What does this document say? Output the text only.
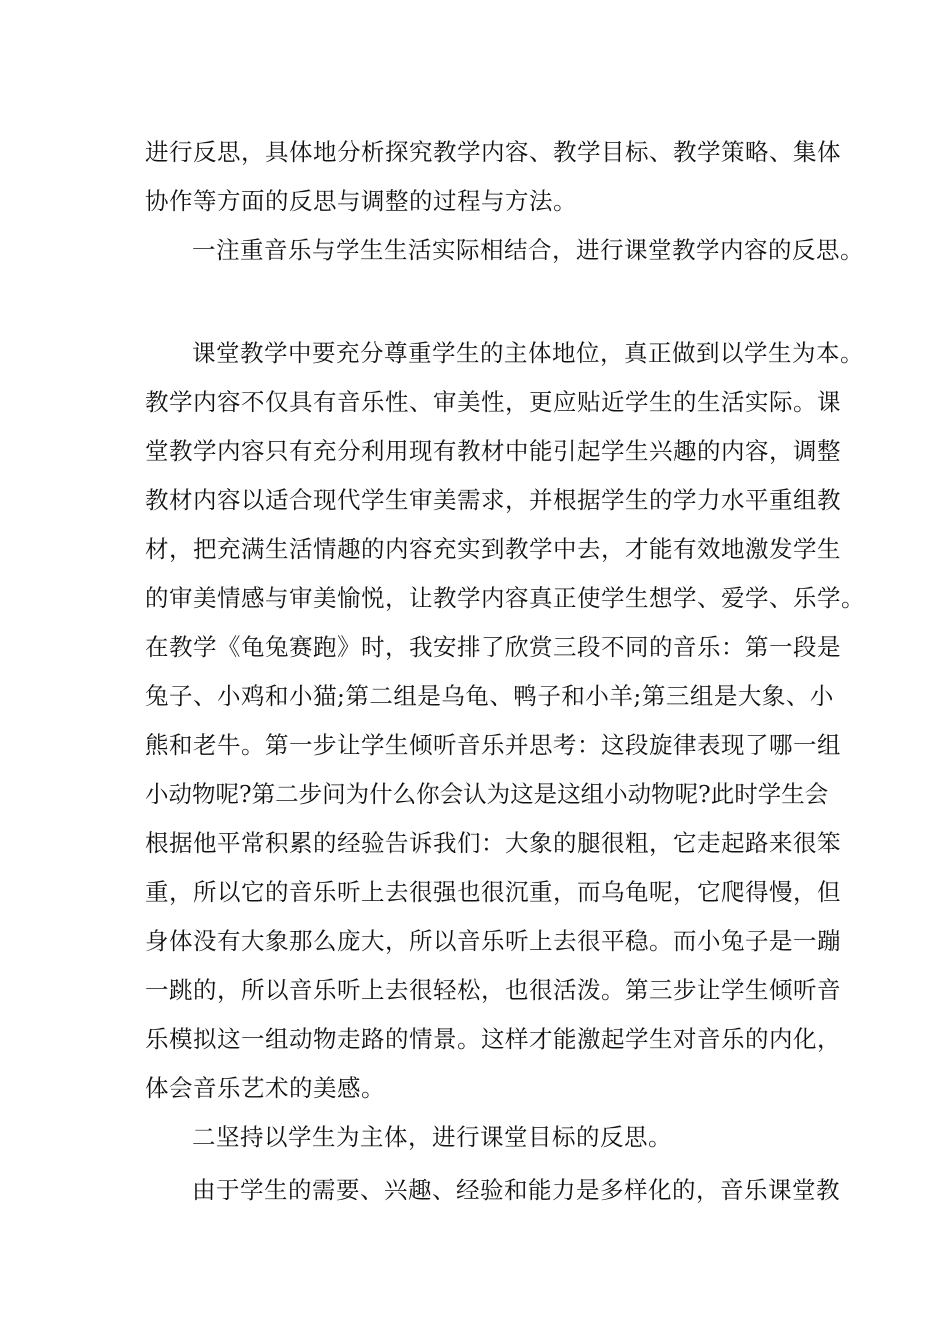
进行反思，具体地分析探究教学内容、教学目标、教学策略、集体
协作等方面的反思与调整的过程与方法。
一注重音乐与学生生活实际相结合，进行课堂教学内容的反思。
课堂教学中要充分尊重学生的主体地位，真正做到以学生为本。
教学内容不仅具有音乐性、审美性，更应贴近学生的生活实际。课
堂教学内容只有充分利用现有教材中能引起学生兴趣的内容，调整
教材内容以适合现代学生审美需求，并根据学生的学力水平重组教
材，把充满生活情趣的内容充实到教学中去，才能有效地激发学生
的审美情感与审美愉悦，让教学内容真正使学生想学、爱学、乐学。
在教学《龟兔赛跑》时，我安排了欣赏三段不同的音乐：第一段是
兔子、小鸡和小猫;第二组是乌龟、鸭子和小羊;第三组是大象、小
熊和老牛。第一步让学生倾听音乐并思考：这段旋律表现了哪一组
小动物呢?第二步问为什么你会认为这是这组小动物呢?此时学生会
根据他平常积累的经验告诉我们：大象的腿很粗，它走起路来很笨
重，所以它的音乐听上去很强也很沉重，而乌龟呢，它爬得慢，但
身体没有大象那么庞大，所以音乐听上去很平稳。而小兔子是一蹦
一跳的，所以音乐听上去很轻松，也很活泼。第三步让学生倾听音
乐模拟这一组动物走路的情景。这样才能激起学生对音乐的内化，
体会音乐艺术的美感。
二坚持以学生为主体，进行课堂目标的反思。
由于学生的需要、兴趣、经验和能力是多样化的，音乐课堂教
